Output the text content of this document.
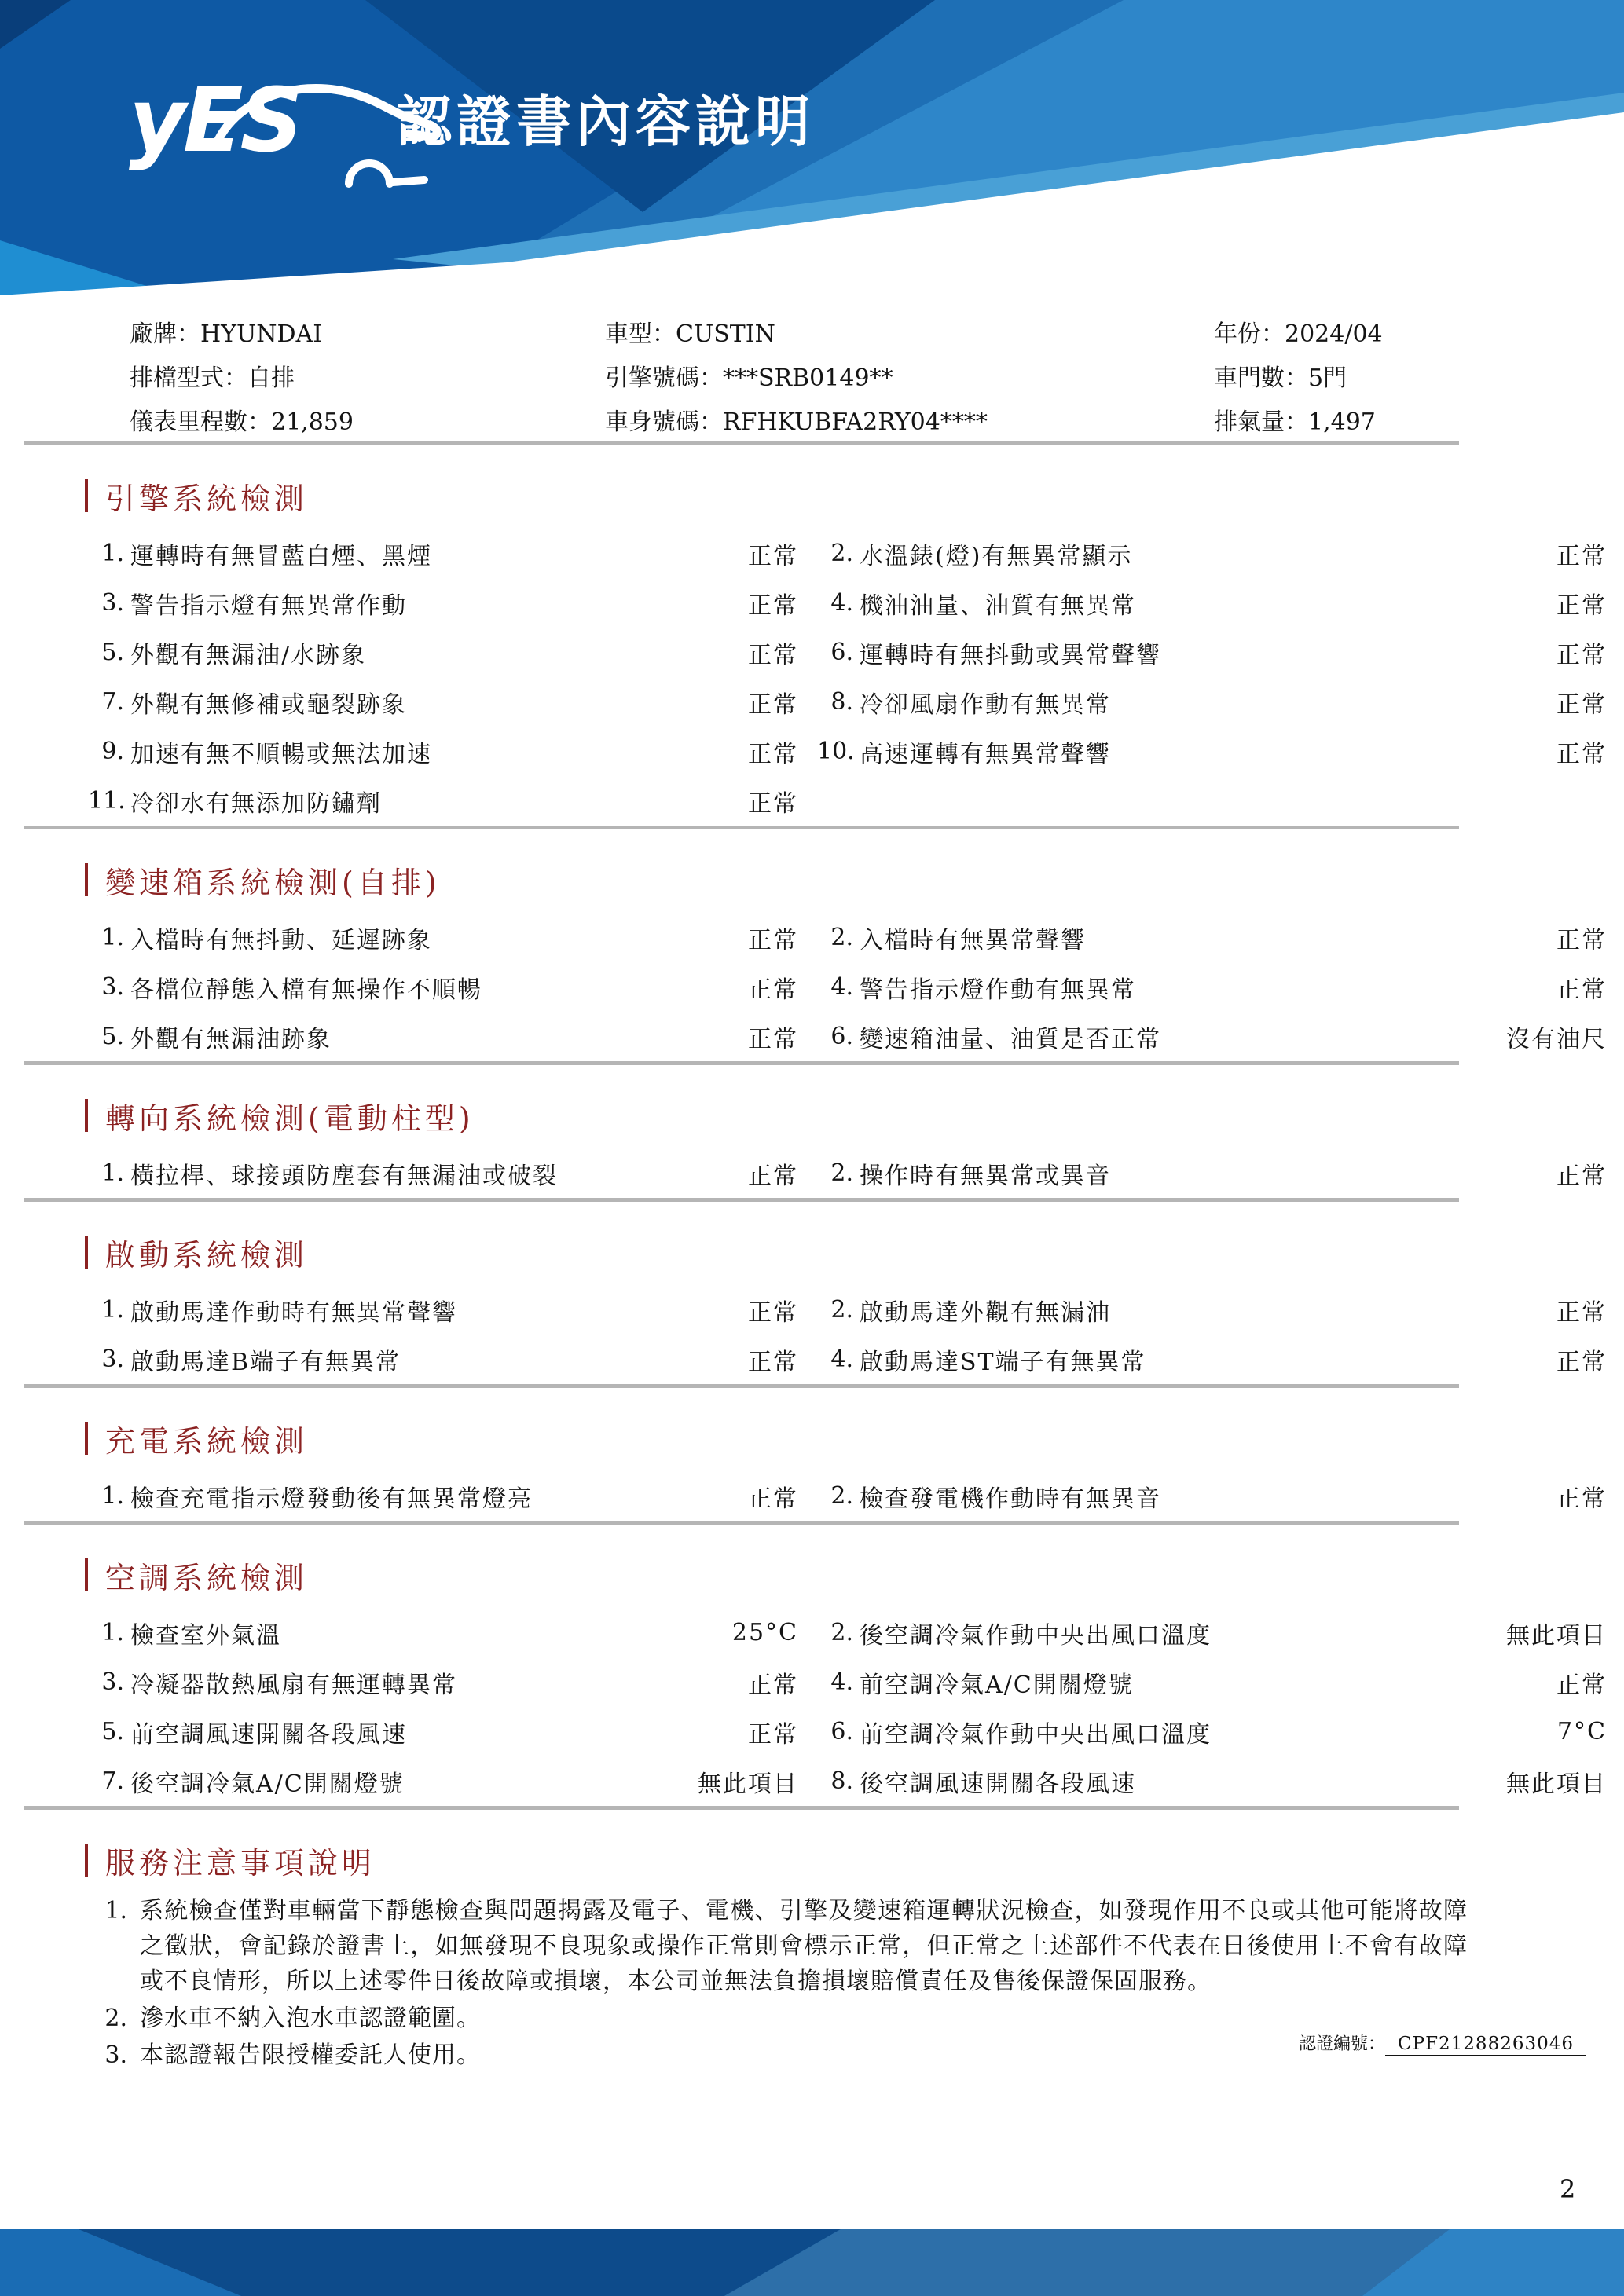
yES 認證書內容說明
廠牌：HYUNDAI	車型：CUSTIN	年份：2024/04
排檔型式：自排	引擎號碼：***SRB0149**	車門數：5門
儀表里程數：21,859	車身號碼：RFHKUBFA2RY04****	排氣量：1,497
引擎系統檢測
1. 運轉時有無冒藍白煙、黑煙	正常	2. 水溫錶(燈)有無異常顯示	正常
3. 警告指示燈有無異常作動	正常	4. 機油油量、油質有無異常	正常
5. 外觀有無漏油/水跡象	正常	6. 運轉時有無抖動或異常聲響	正常
7. 外觀有無修補或龜裂跡象	正常	8. 冷卻風扇作動有無異常	正常
9. 加速有無不順暢或無法加速	正常 10. 高速運轉有無異常聲響	正常
11. 冷卻水有無添加防鏽劑	正常
變速箱系統檢測(自排)
1. 入檔時有無抖動、延遲跡象	正常	2. 入檔時有無異常聲響	正常
3. 各檔位靜態入檔有無操作不順暢	正常	4. 警告指示燈作動有無異常	正常
5. 外觀有無漏油跡象	正常	6. 變速箱油量、油質是否正常	沒有油尺
轉向系統檢測(電動柱型)
1. 橫拉桿、球接頭防塵套有無漏油或破裂	正常	2. 操作時有無異常或異音	正常
啟動系統檢測
1. 啟動馬達作動時有無異常聲響	正常	2. 啟動馬達外觀有無漏油	正常
3. 啟動馬達B端子有無異常	正常	4. 啟動馬達ST端子有無異常	正常
充電系統檢測
1. 檢查充電指示燈發動後有無異常燈亮	正常	2. 檢查發電機作動時有無異音	正常
空調系統檢測
1. 檢查室外氣溫	25°C	2. 後空調冷氣作動中央出風口溫度	無此項目
3. 冷凝器散熱風扇有無運轉異常	正常	4. 前空調冷氣A/C開關燈號	正常
5. 前空調風速開關各段風速	正常	6. 前空調冷氣作動中央出風口溫度	7°C
7. 後空調冷氣A/C開關燈號	無此項目	8. 後空調風速開關各段風速	無此項目
服務注意事項說明
1. 系統檢查僅對車輛當下靜態檢查與問題揭露及電子、電機、引擎及變速箱運轉狀況檢查，如發現作用不良或其他可能將故障之徵狀，會記錄於證書上，如無發現不良現象或操作正常則會標示正常，但正常之上述部件不代表在日後使用上不會有故障或不良情形，所以上述零件日後故障或損壞，本公司並無法負擔損壞賠償責任及售後保證保固服務。
2. 滲水車不納入泡水車認證範圍。
3. 本認證報告限授權委託人使用。	認證編號： CPF21288263046
2
